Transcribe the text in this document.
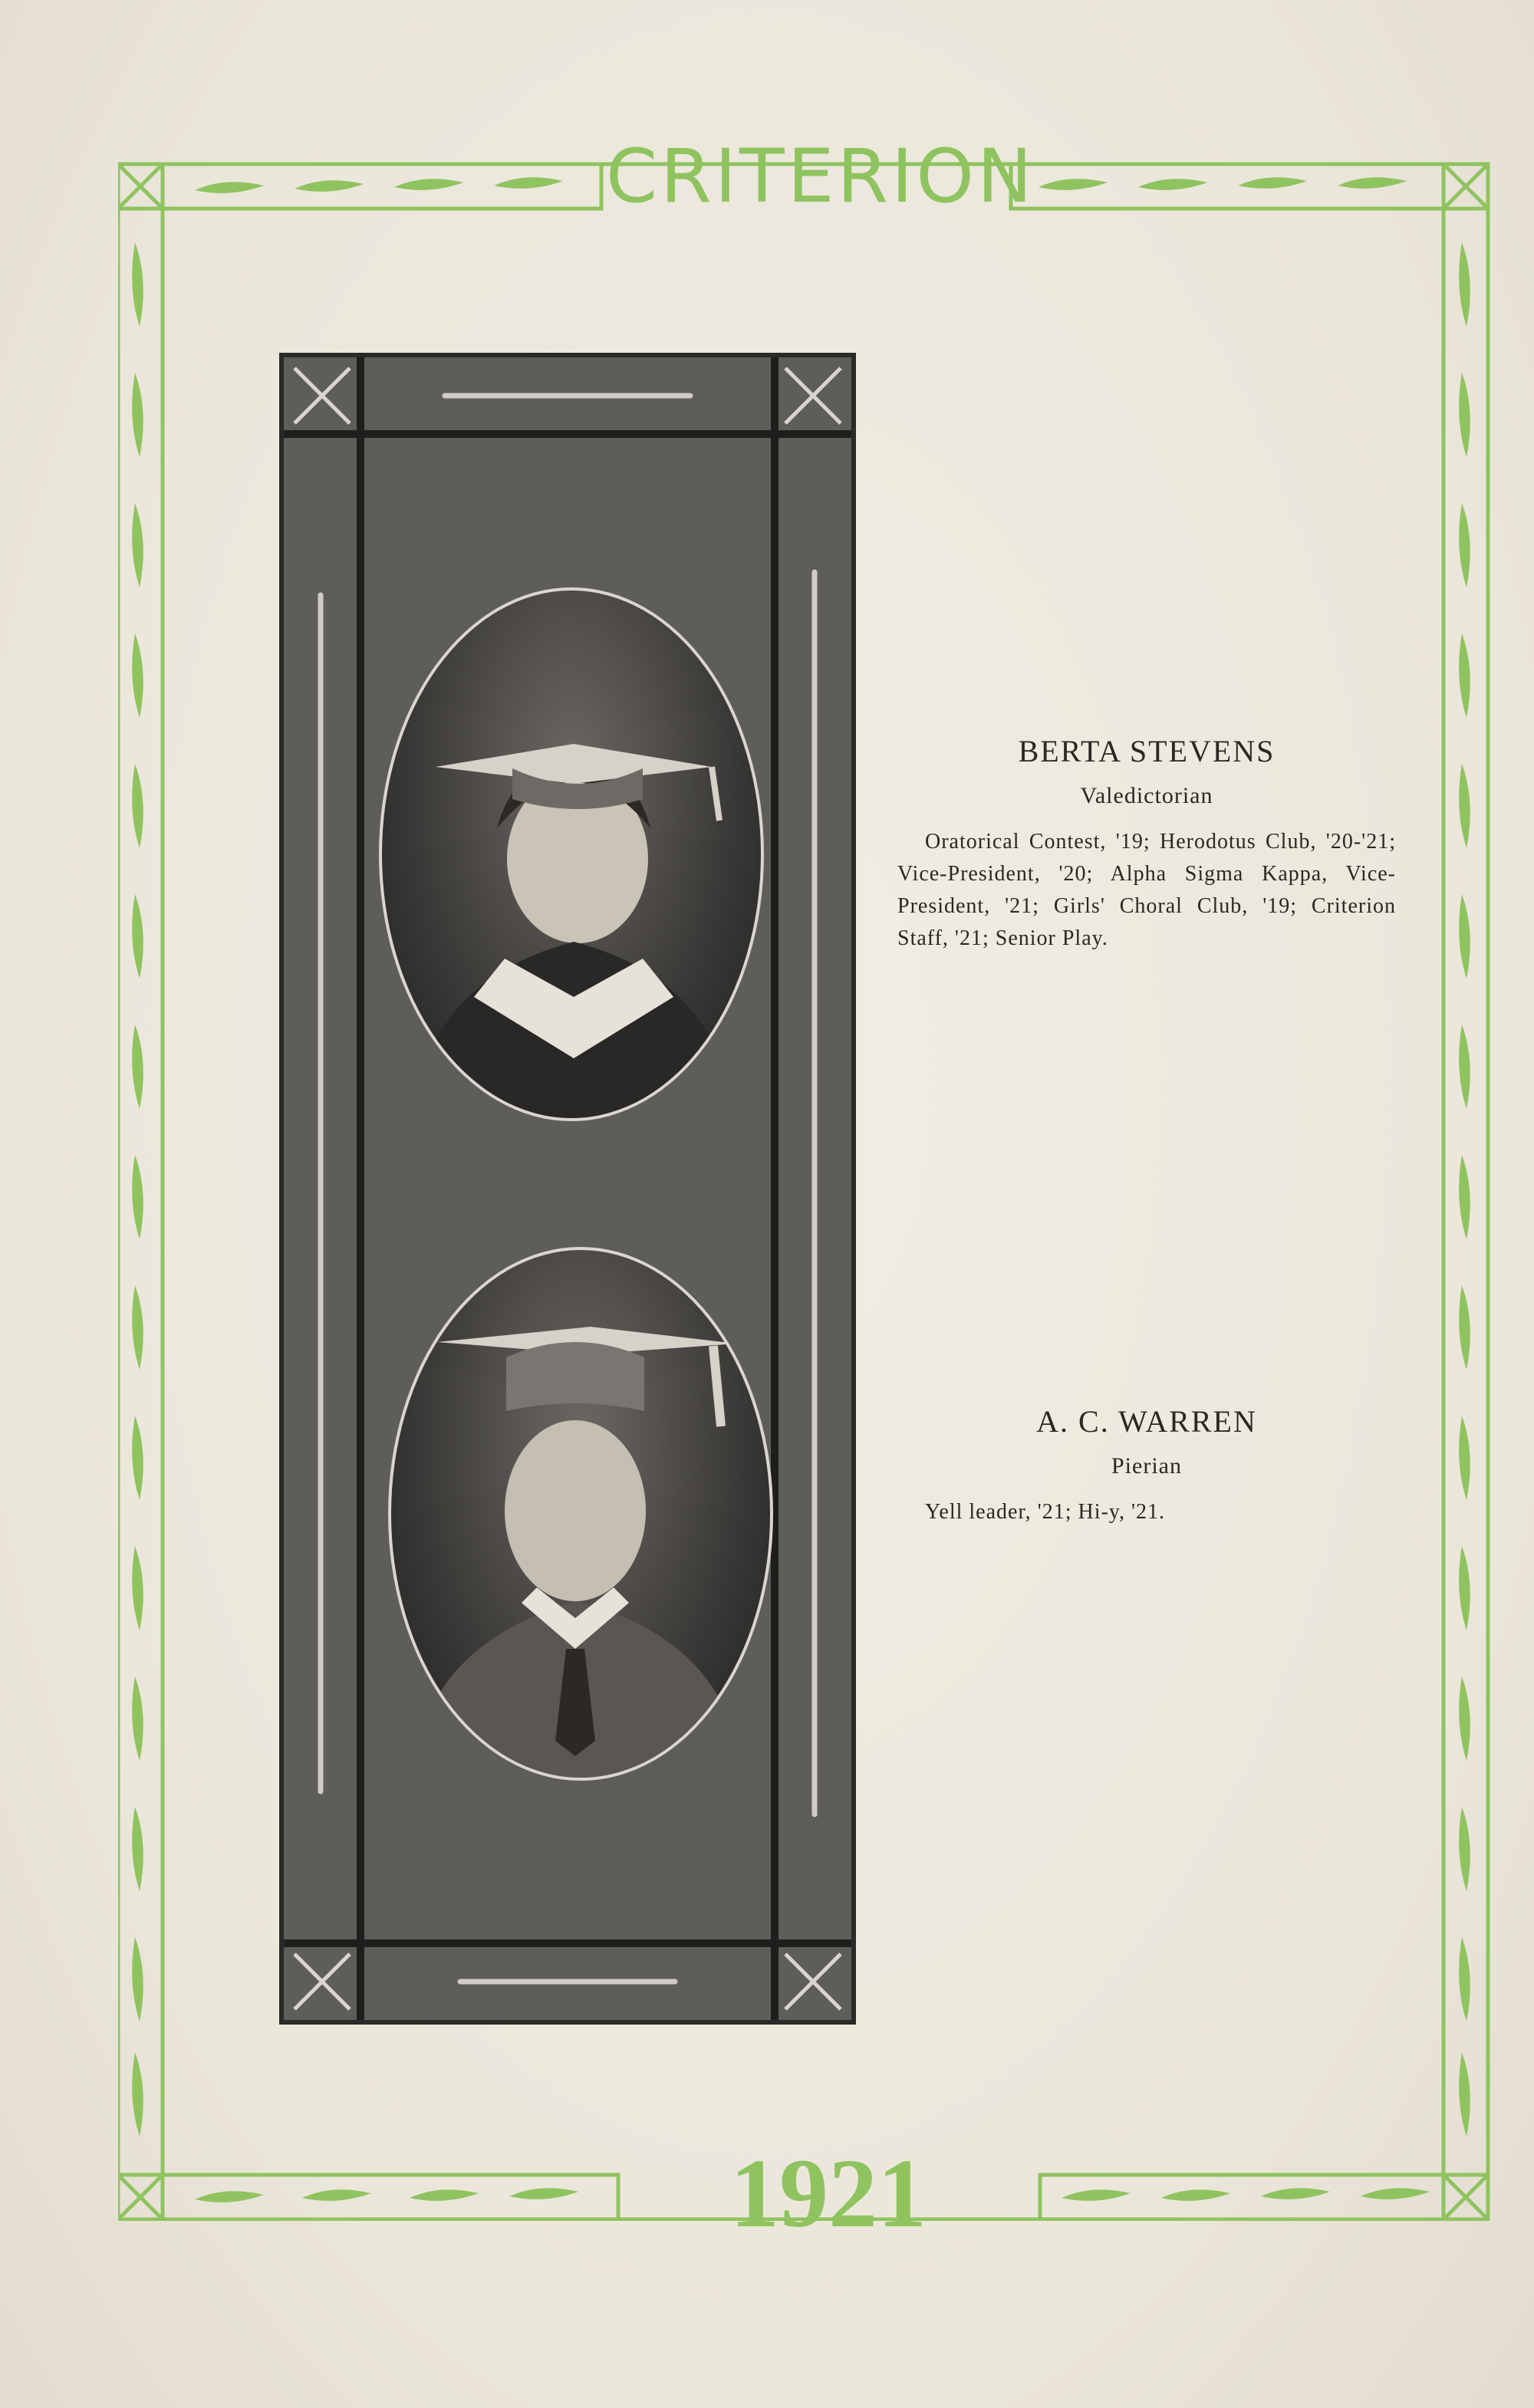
CRITERION

BERTA STEVENS

Valedictorian

Oratorical Contest, '19; Herodotus Club, '20-'21; Vice-President, '20; Alpha Sigma Kappa, Vice-President, '21; Girls' Choral Club, '19; Criterion Staff, '21; Senior Play.

A. C. WARREN

Pierian

Yell leader, '21; Hi-y, '21.

1921
